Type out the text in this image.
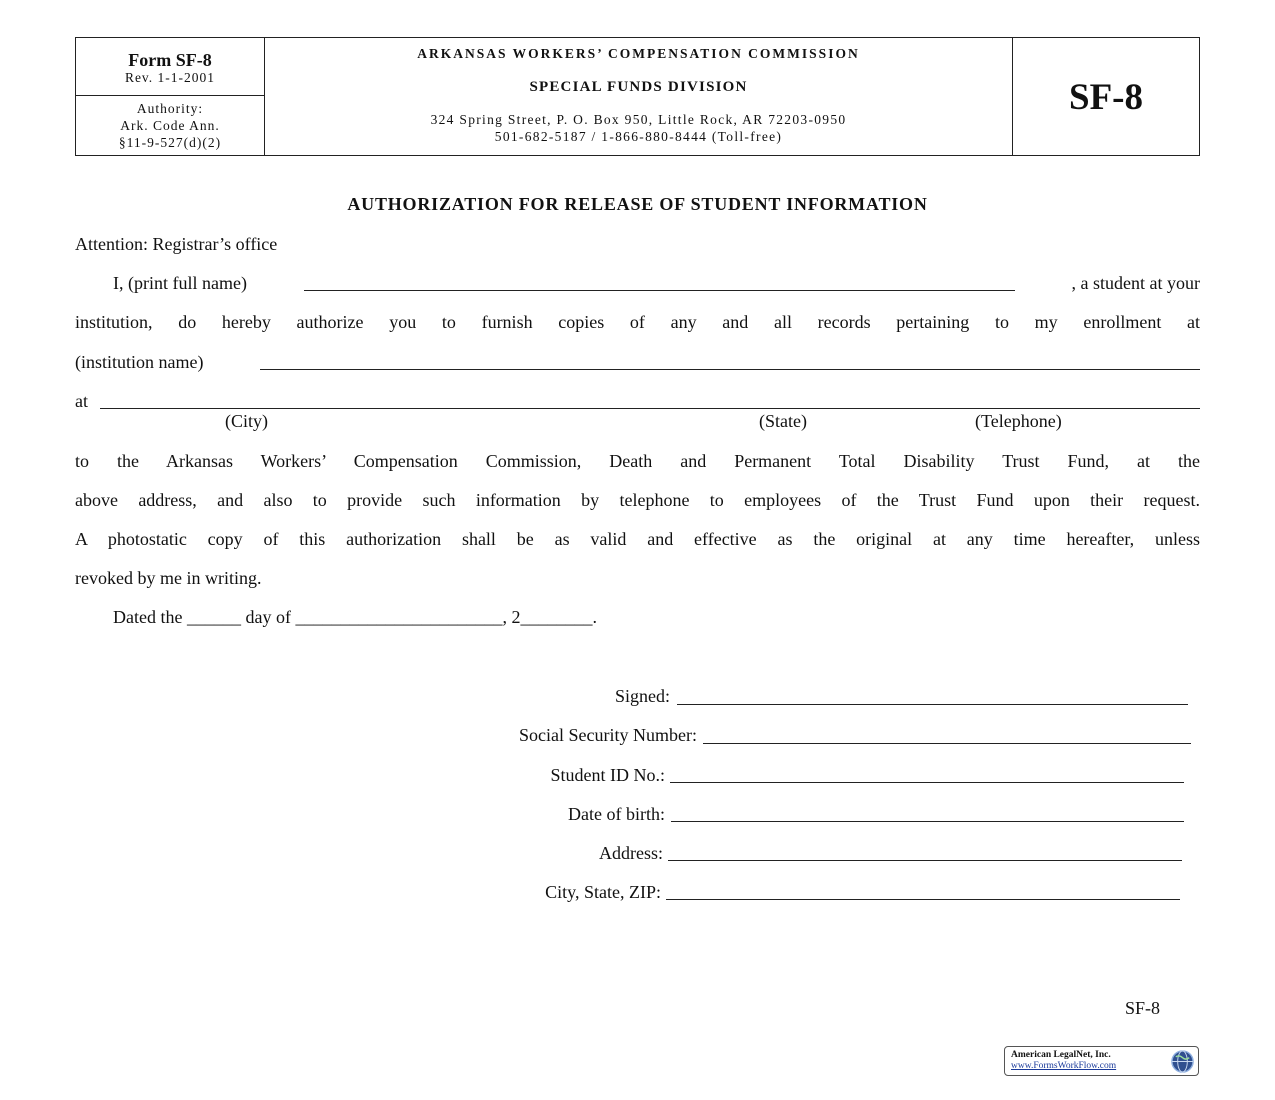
Form SF-8
Rev. 1-1-2001
Authority:
Ark. Code Ann.
§11-9-527(d)(2)
ARKANSAS WORKERS’ COMPENSATION COMMISSION
SPECIAL FUNDS DIVISION
324 Spring Street, P. O. Box 950, Little Rock, AR 72203-0950
501-682-5187 / 1-866-880-8444 (Toll-free)
SF-8
AUTHORIZATION FOR RELEASE OF STUDENT INFORMATION
Attention: Registrar’s office
I, (print full name)	, a student at your
institution, do hereby authorize you to furnish copies of any and all records pertaining to my enrollment at
(institution name)
at
(City)	(State)	(Telephone)
to the Arkansas Workers’ Compensation Commission, Death and Permanent Total Disability Trust Fund, at the
above address, and also to provide such information by telephone to employees of the Trust Fund upon their request.
A photostatic copy of this authorization shall be as valid and effective as the original at any time hereafter, unless
revoked by me in writing.
Dated the ______ day of _______________________, 2________.
Signed:
Social Security Number:
Student ID No.:
Date of birth:
Address:
City, State, ZIP:
SF-8
American LegalNet, Inc.
www.FormsWorkFlow.com
